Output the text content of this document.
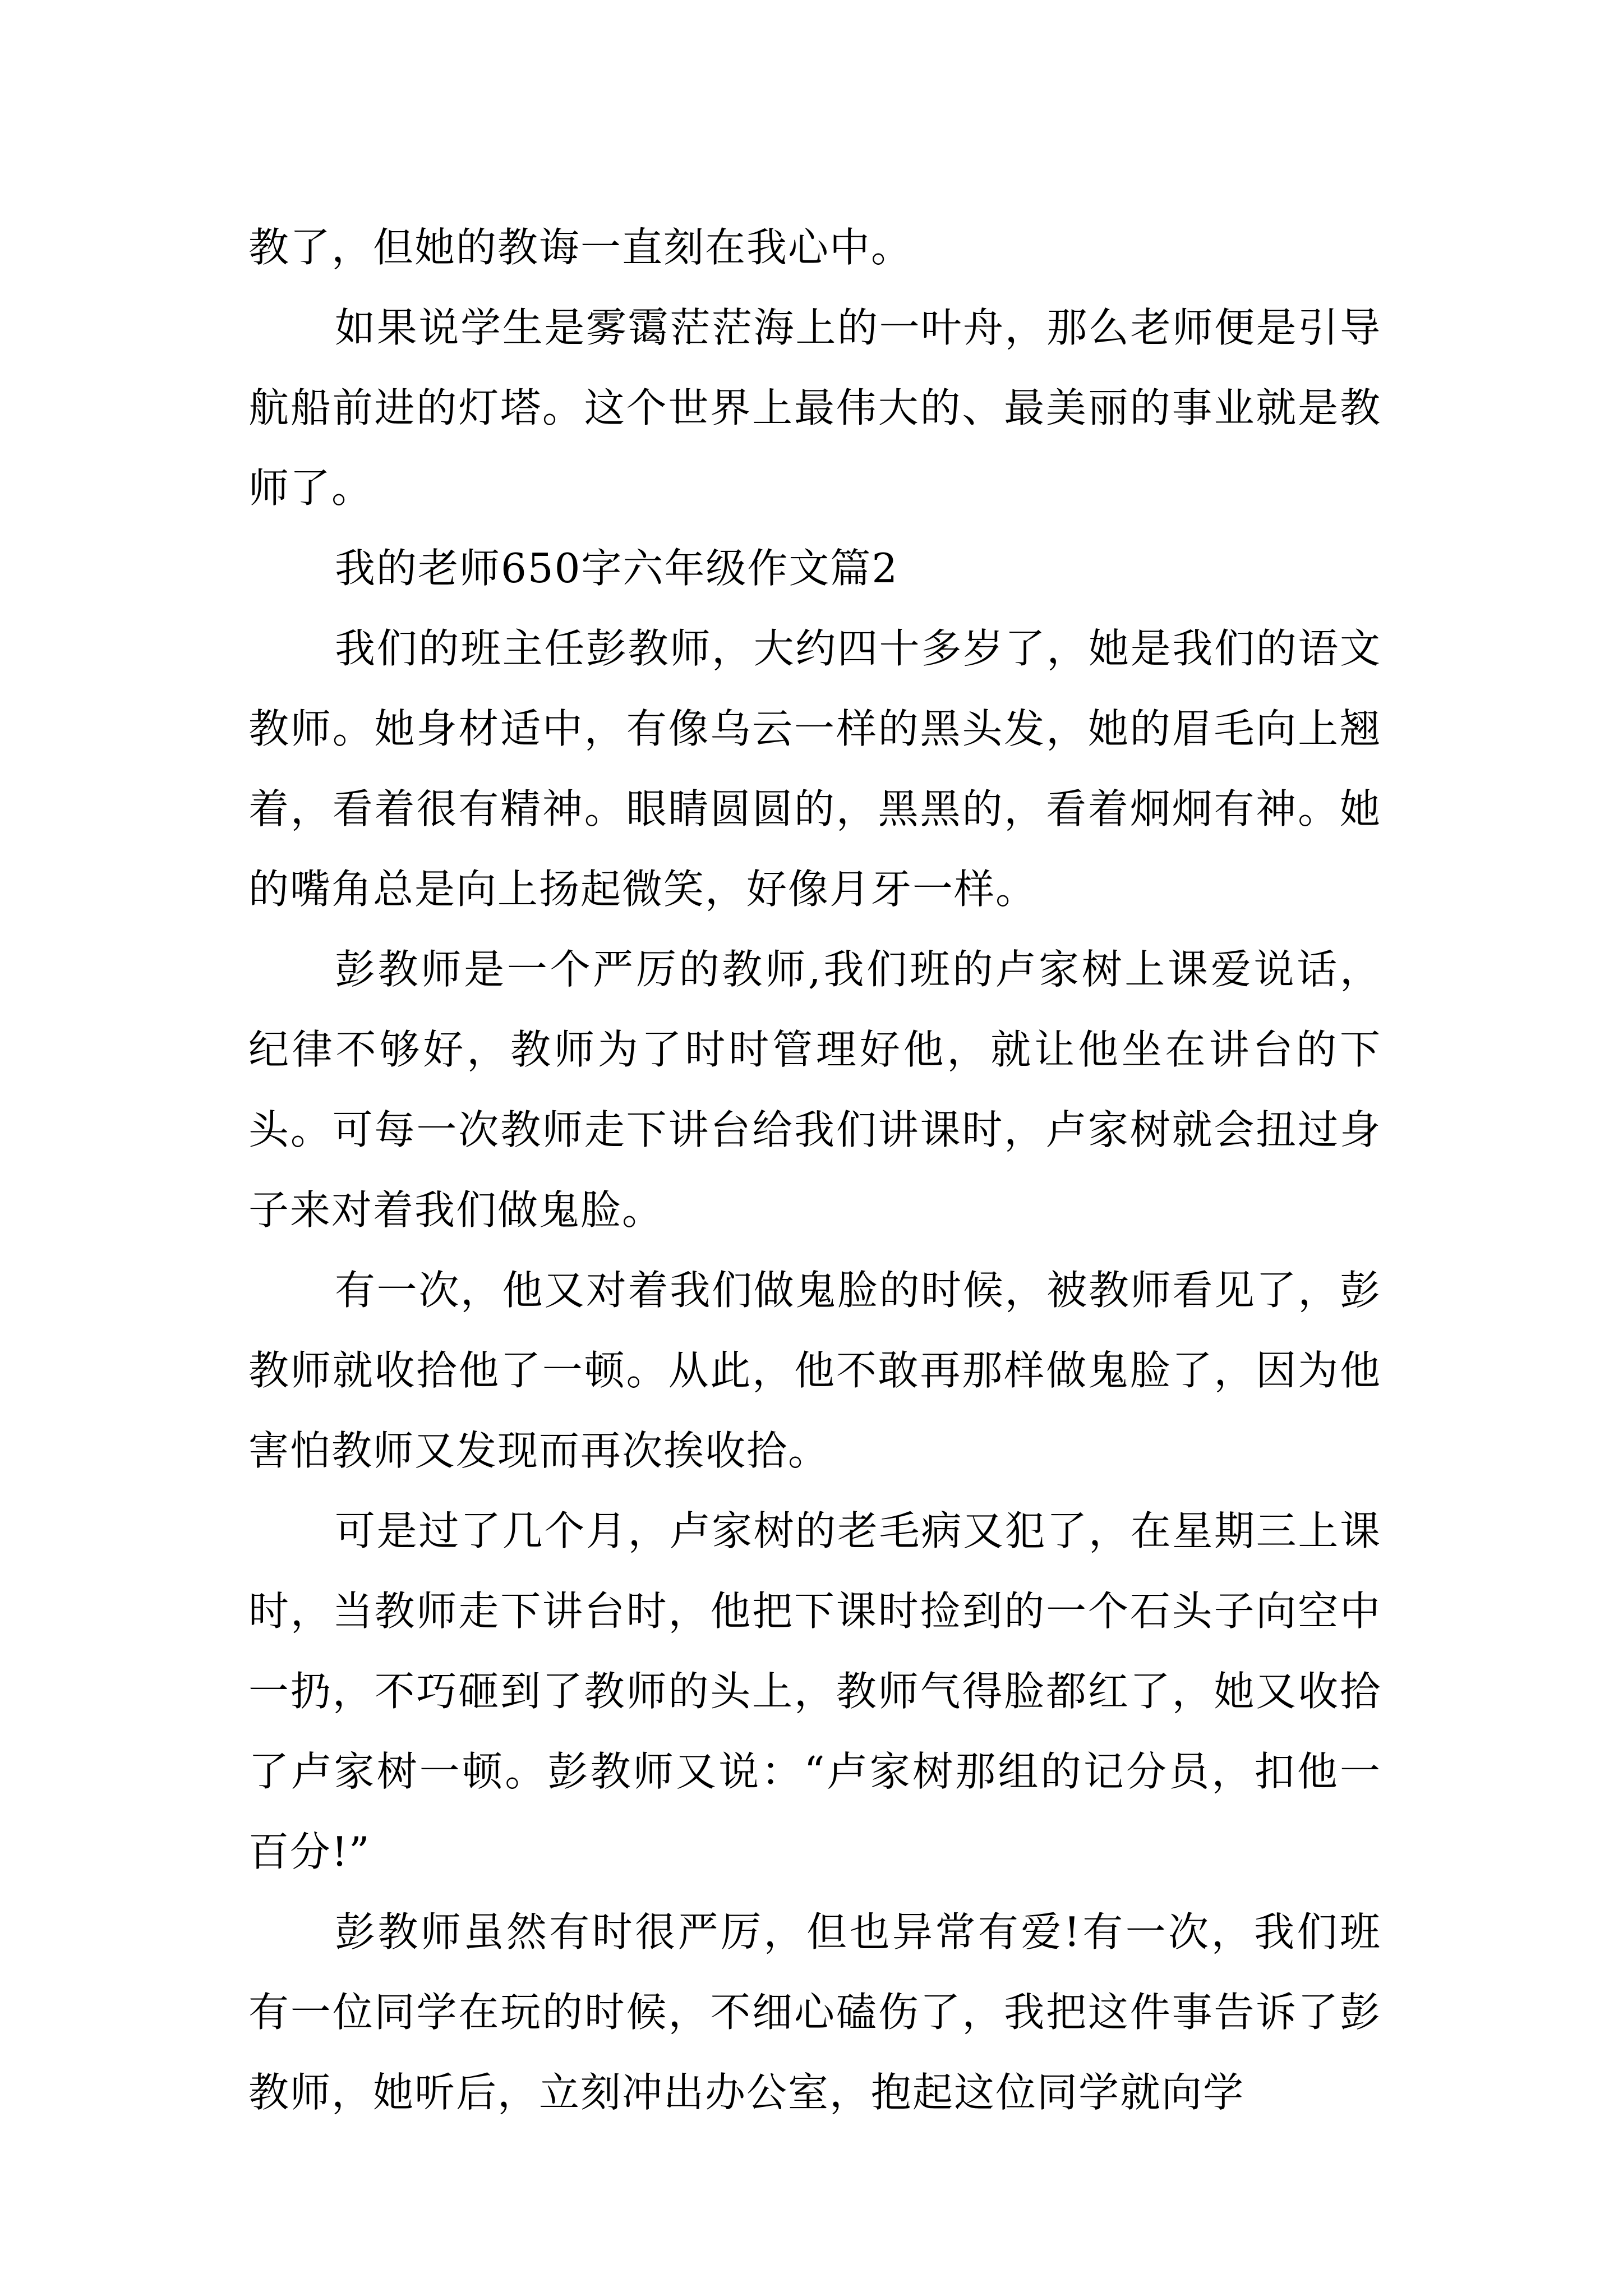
教了，但她的教诲一直刻在我心中。

如果说学生是雾霭茫茫海上的一叶舟，那么老师便是引导航船前进的灯塔。这个世界上最伟大的、最美丽的事业就是教师了。

我的老师650字六年级作文篇2

我们的班主任彭教师，大约四十多岁了，她是我们的语文教师。她身材适中，有像乌云一样的黑头发，她的眉毛向上翘着，看着很有精神。眼睛圆圆的，黑黑的，看着炯炯有神。她的嘴角总是向上扬起微笑，好像月牙一样。

彭教师是一个严厉的教师,我们班的卢家树上课爱说话，纪律不够好，教师为了时时管理好他，就让他坐在讲台的下头。可每一次教师走下讲台给我们讲课时，卢家树就会扭过身子来对着我们做鬼脸。

有一次，他又对着我们做鬼脸的时候，被教师看见了，彭教师就收拾他了一顿。从此，他不敢再那样做鬼脸了，因为他害怕教师又发现而再次挨收拾。

可是过了几个月，卢家树的老毛病又犯了，在星期三上课时，当教师走下讲台时，他把下课时捡到的一个石头子向空中一扔，不巧砸到了教师的头上，教师气得脸都红了，她又收拾了卢家树一顿。彭教师又说：“卢家树那组的记分员，扣他一百分!”

彭教师虽然有时很严厉，但也异常有爱!有一次，我们班有一位同学在玩的时候，不细心磕伤了，我把这件事告诉了彭教师，她听后，立刻冲出办公室，抱起这位同学就向学
